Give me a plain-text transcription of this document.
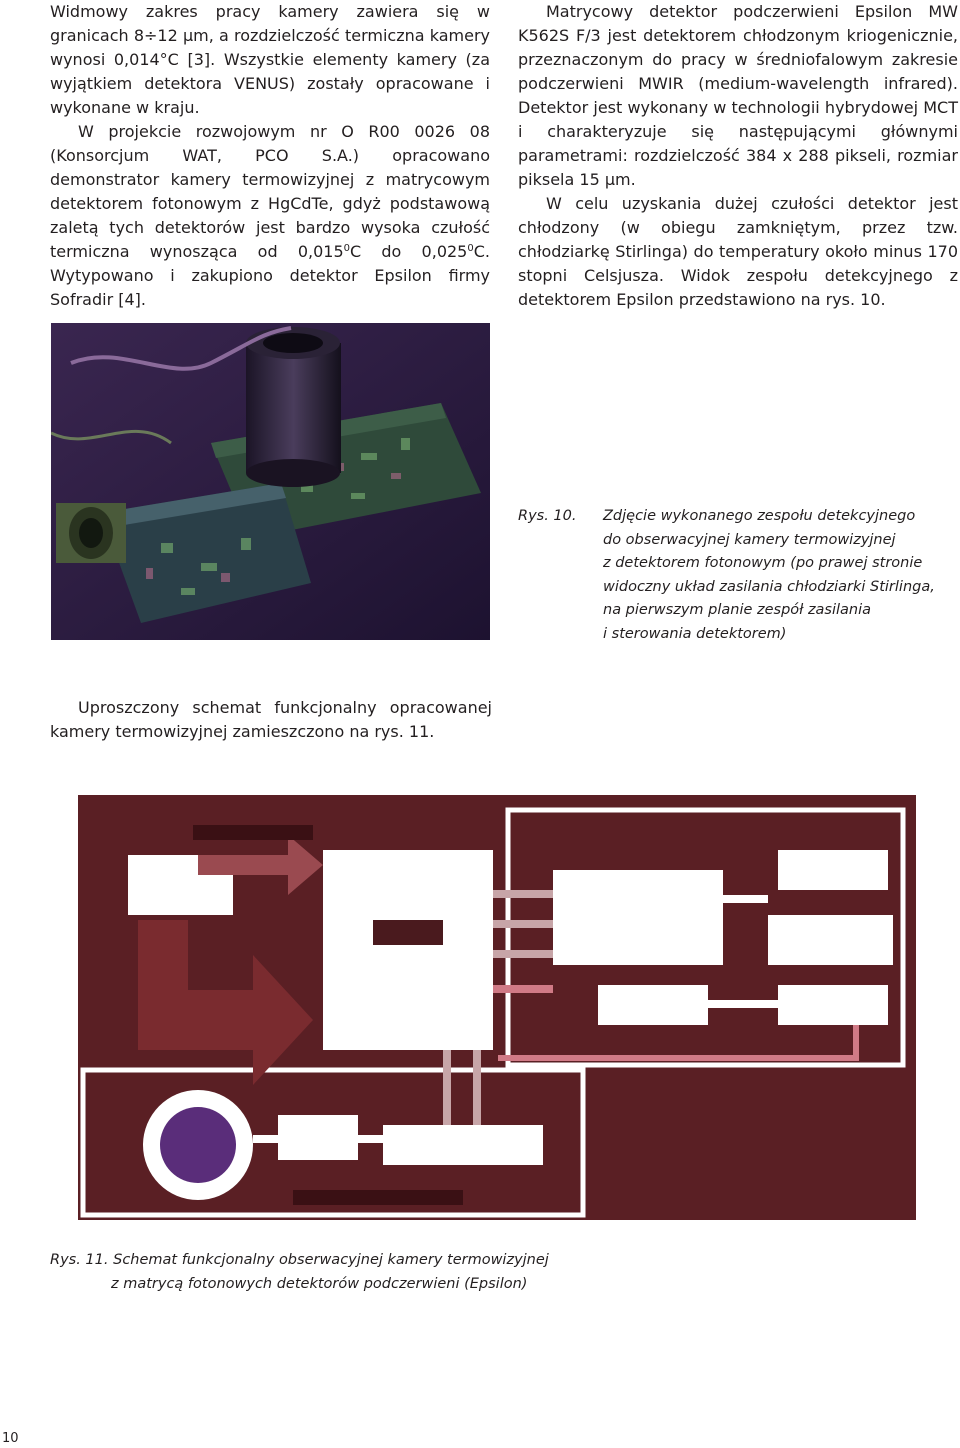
Widmowy zakres pracy kamery zawiera się w granicach 8÷12 µm, a rozdzielczość termiczna kamery wynosi 0,014°C [3]. Wszystkie elementy kamery (za wyjątkiem detektora VENUS) zostały opracowane i wykonane w kraju.

W projekcie rozwojowym nr O R00 0026 08 (Konsorcjum WAT, PCO S.A.) opracowano demonstrator kamery termowizyjnej z matrycowym detektorem fotonowym z HgCdTe, gdyż podstawową zaletą tych detektorów jest bardzo wysoka czułość termiczna wynosząca od 0,015$^0$C do 0,025$^0$C. Wytypowano i zakupiono detektor Epsilon firmy Sofradir [4].

Matrycowy detektor podczerwieni Epsilon MW K562S F/3 jest detektorem chłodzonym kriogenicznie, przeznaczonym do pracy w średniofalowym zakresie podczerwieni MWIR (medium-wavelength infrared). Detektor jest wykonany w technologii hybrydowej MCT i charakteryzuje się następującymi głównymi parametrami: rozdzielczość 384 x 288 pikseli, rozmiar piksela 15 µm.

W celu uzyskania dużej czułości detektor jest chłodzony (w obiegu zamkniętym, przez tzw. chłodziarkę Stirlinga) do temperatury około minus 170 stopni Celsjusza. Widok zespołu detekcyjnego z detektorem Epsilon przedstawiono na rys. 10.

Rys. 10. Zdjęcie wykonanego zespołu detekcyjnego
do obserwacyjnej kamery termowizyjnej
z detektorem fotonowym (po prawej stronie
widoczny układ zasilania chłodziarki Stirlinga,
na pierwszym planie zespół zasilania
i sterowania detektorem)

Uproszczony schemat funkcjonalny opracowanej kamery termowizyjnej zamieszczono na rys. 11.

Rys. 11. Schemat funkcjonalny obserwacyjnej kamery termowizyjnej
z matrycą fotonowych detektorów podczerwieni (Epsilon)
10
